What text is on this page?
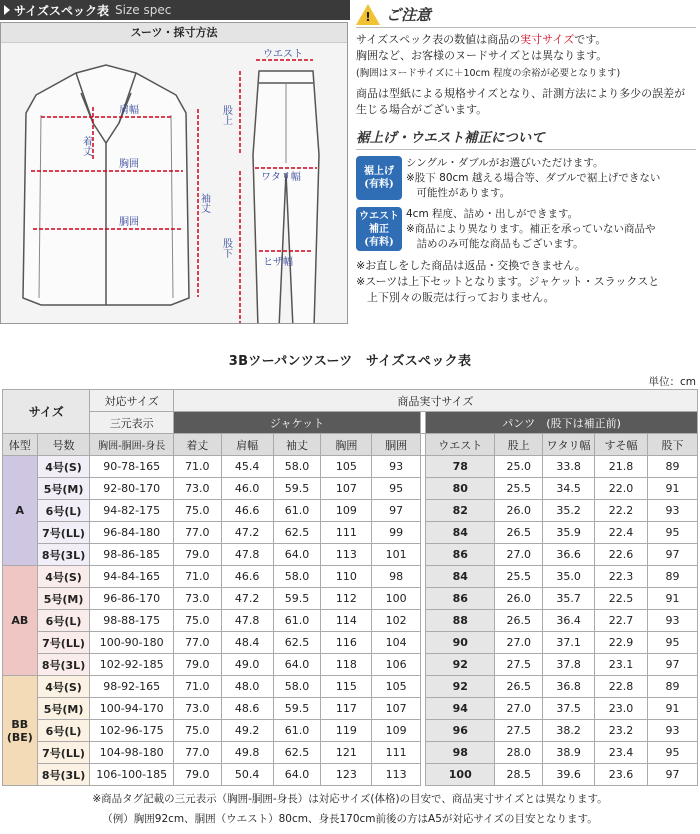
サイズスペック表 Size spec
スーツ・採寸方法
肩幅
着丈
胸囲
胴囲
袖丈
ウエスト
股上
ワタリ幅
ヒザ幅
股下
!	ご注意
サイズスペック表の数値は商品の実寸サイズです。
胸囲など、お客様のヌードサイズとは異なります。
(胸囲はヌードサイズに＋10cm 程度の余裕が必要となります)
商品は型紙による規格サイズとなり、計測方法により多少の誤差が生じる場合がございます。
裾上げ・ウエスト補正について
裾上げ
(有料)
シングル・ダブルがお選びいただけます。
※股下 80cm 越える場合等、ダブルで裾上げできない
　可能性があります。
ウエスト
補正
(有料)
4cm 程度、詰め・出しができます。
※商品により異なります。補正を承っていない商品や
　詰めのみ可能な商品もございます。
※お直しをした商品は返品・交換できません。
※スーツは上下セットとなります。ジャケット・スラックスと
　上下別々の販売は行っておりません。
3Bツーパンツスーツ　サイズスペック表
単位：cm
サイズ		対応サイズ	商品実寸サイズ										
		三元表示	ジャケット						パンツ　(股下は補正前)				
体型	号数	胸囲-胴囲-身長	着丈	肩幅	袖丈	胸囲	胴囲		ウエスト	股上	ワタリ幅	すそ幅	股下
A	4号(S)	90-78-165	71.0	45.4	58.0	105	93		78	25.0	33.8	21.8	89
	5号(M)	92-80-170	73.0	46.0	59.5	107	95		80	25.5	34.5	22.0	91
	6号(L)	94-82-175	75.0	46.6	61.0	109	97		82	26.0	35.2	22.2	93
	7号(LL)	96-84-180	77.0	47.2	62.5	111	99		84	26.5	35.9	22.4	95
	8号(3L)	98-86-185	79.0	47.8	64.0	113	101		86	27.0	36.6	22.6	97
AB	4号(S)	94-84-165	71.0	46.6	58.0	110	98		84	25.5	35.0	22.3	89
	5号(M)	96-86-170	73.0	47.2	59.5	112	100		86	26.0	35.7	22.5	91
	6号(L)	98-88-175	75.0	47.8	61.0	114	102		88	26.5	36.4	22.7	93
	7号(LL)	100-90-180	77.0	48.4	62.5	116	104		90	27.0	37.1	22.9	95
	8号(3L)	102-92-185	79.0	49.0	64.0	118	106		92	27.5	37.8	23.1	97

BB
(BE)	4号(S)	98-92-165	71.0	48.0	58.0	115	105		92	26.5	36.8	22.8	89
	5号(M)	100-94-170	73.0	48.6	59.5	117	107		94	27.0	37.5	23.0	91
	6号(L)	102-96-175	75.0	49.2	61.0	119	109		96	27.5	38.2	23.2	93
	7号(LL)	104-98-180	77.0	49.8	62.5	121	111		98	28.0	38.9	23.4	95
	8号(3L)	106-100-185	79.0	50.4	64.0	123	113		100	28.5	39.6	23.6	97
※商品タグ記載の三元表示（胸囲-胴囲-身長）は対応サイズ(体格)の目安で、商品実寸サイズとは異なります。
（例）胸囲92cm、胴囲（ウエスト）80cm、身長170cm前後の方はA5が対応サイズの目安となります。
